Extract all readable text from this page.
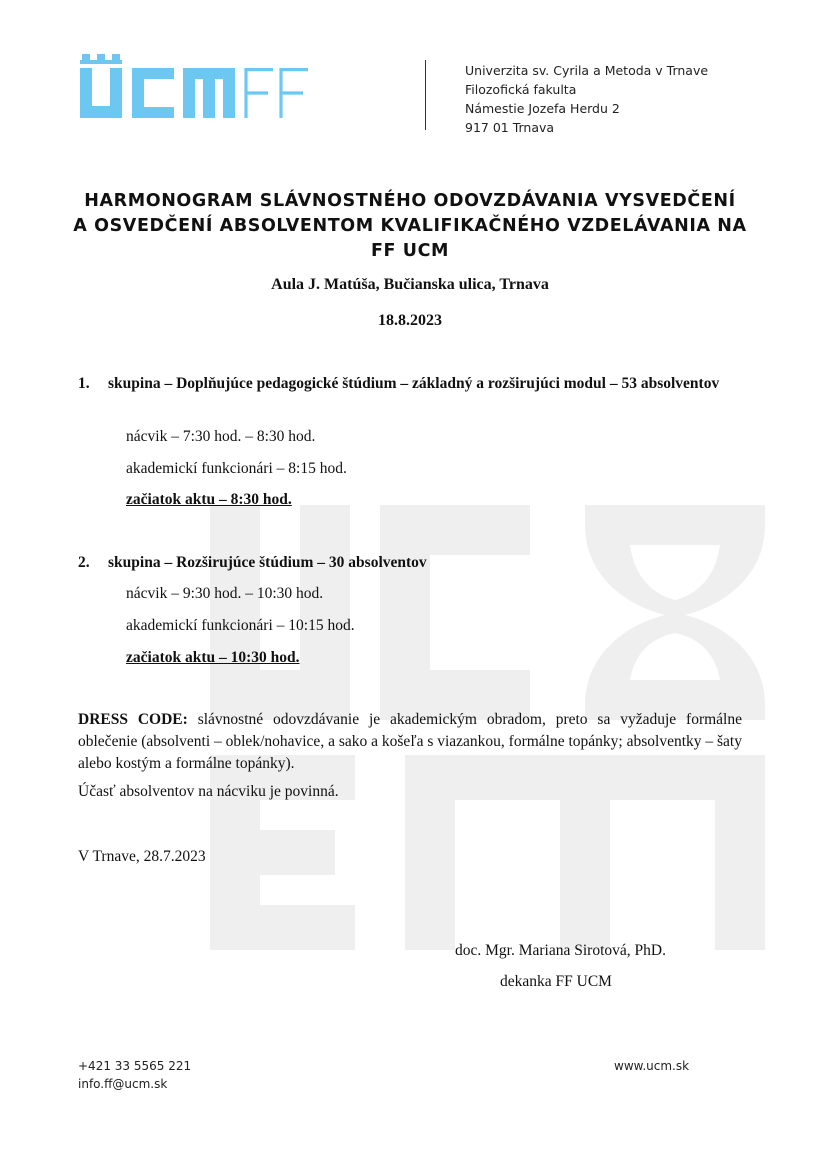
ÚCMFF
Univerzita sv. Cyrila a Metoda v Trnave
Filozofická fakulta
Námestie Jozefa Herdu 2
917 01 Trnava
HARMONOGRAM SLÁVNOSTNÉHO ODOVZDÁVANIA VYSVEDČENÍ
A OSVEDČENÍ ABSOLVENTOM KVALIFIKAČNÉHO VZDELÁVANIA NA
FF UCM
Aula J. Matúša, Bučianska ulica, Trnava
18.8.2023
1. skupina – Doplňujúce pedagogické štúdium – základný a rozširujúci modul – 53 absolventov
nácvik – 7:30 hod. – 8:30 hod.
akademickí funkcionári – 8:15 hod.
začiatok aktu – 8:30 hod.
2. skupina – Rozširujúce štúdium – 30 absolventov
nácvik – 9:30 hod. – 10:30 hod.
akademickí funkcionári – 10:15 hod.
začiatok aktu – 10:30 hod.
DRESS CODE: slávnostné odovzdávanie je akademickým obradom, preto sa vyžaduje formálne oblečenie (absolventi – oblek/nohavice, a sako a košeľa s viazankou, formálne topánky; absolventky – šaty alebo kostým a formálne topánky).
Účasť absolventov na nácviku je povinná.
V Trnave, 28.7.2023
doc. Mgr. Mariana Sirotová, PhD.
dekanka FF UCM
+421 33 5565 221
info.ff@ucm.sk
www.ucm.sk
